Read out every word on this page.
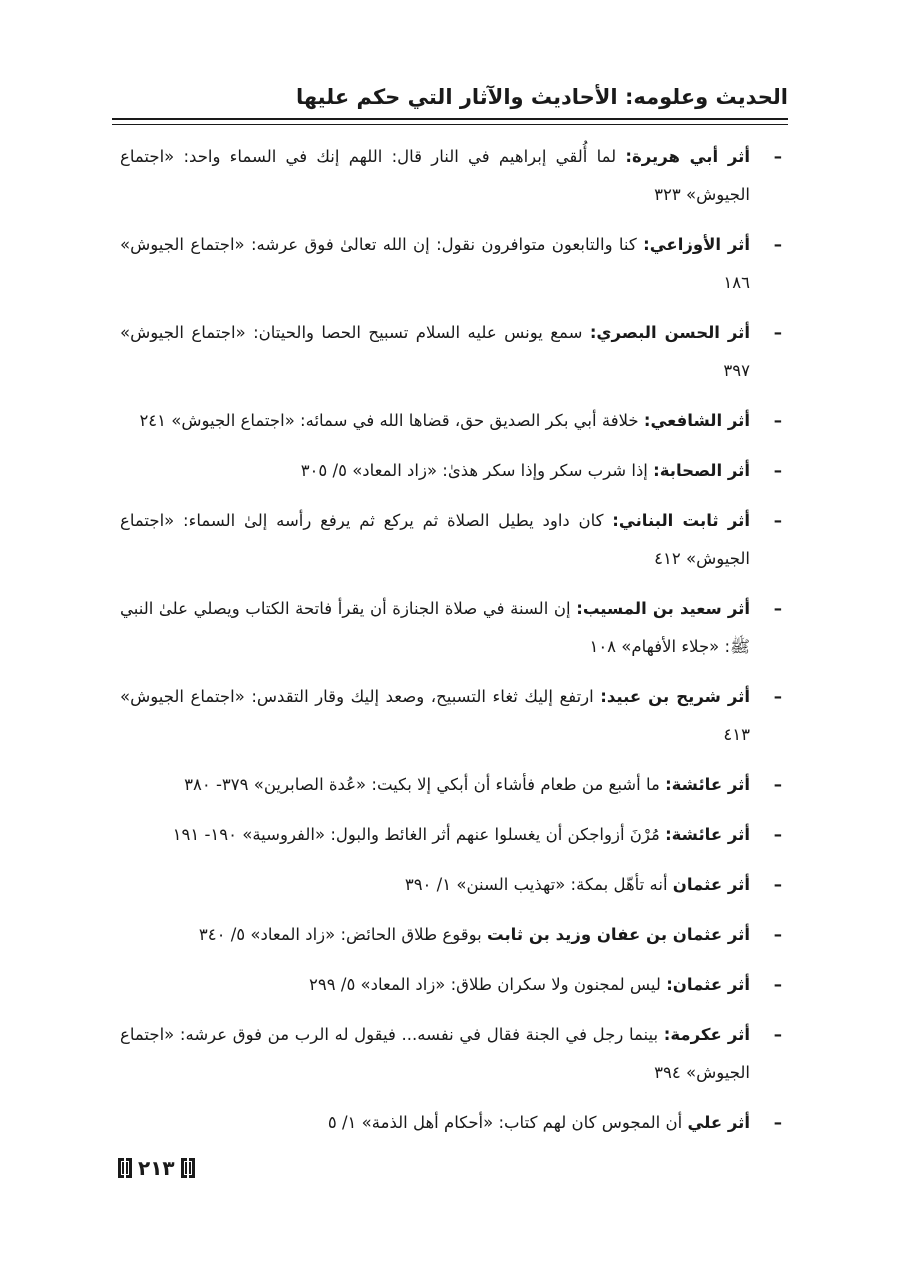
الحديث وعلومه: الأحاديث والآثار التي حكم عليها
–
أثر أبي هريرة: لما أُلقي إبراهيم في النار قال: اللهم إنك في السماء واحد: «اجتماع الجيوش» ٣٢٣
–
أثر الأوزاعي: كنا والتابعون متوافرون نقول: إن الله تعالىٰ فوق عرشه: «اجتماع الجيوش» ١٨٦
–
أثر الحسن البصري: سمع يونس عليه السلام تسبيح الحصا والحيتان: «اجتماع الجيوش» ٣٩٧
–
أثر الشافعي: خلافة أبي بكر الصديق حق، قضاها الله في سمائه: «اجتماع الجيوش» ٢٤١
–
أثر الصحابة: إذا شرب سكر وإذا سكر هذىٰ: «زاد المعاد» ٥/ ٣٠٥
–
أثر ثابت البناني: كان داود يطيل الصلاة ثم يركع ثم يرفع رأسه إلىٰ السماء: «اجتماع الجيوش» ٤١٢
–
أثر سعيد بن المسيب: إن السنة في صلاة الجنازة أن يقرأ فاتحة الكتاب ويصلي علىٰ النبي ﷺ: «جلاء الأفهام» ١٠٨
–
أثر شريح بن عبيد: ارتفع إليك ثغاء التسبيح، وصعد إليك وقار التقدس: «اجتماع الجيوش» ٤١٣
–
أثر عائشة: ما أشبع من طعام فأشاء أن أبكي إلا بكيت: «عُدة الصابرين» ٣٧٩- ٣٨٠
–
أثر عائشة: مُرْنَ أزواجكن أن يغسلوا عنهم أثر الغائط والبول: «الفروسية» ١٩٠- ١٩١
–
أثر عثمان أنه تأهّل بمكة: «تهذيب السنن» ١/ ٣٩٠
–
أثر عثمان بن عفان وزيد بن ثابت بوقوع طلاق الحائض: «زاد المعاد» ٥/ ٣٤٠
–
أثر عثمان: ليس لمجنون ولا سكران طلاق: «زاد المعاد» ٥/ ٢٩٩
–
أثر عكرمة: بينما رجل في الجنة فقال في نفسه... فيقول له الرب من فوق عرشه: «اجتماع الجيوش» ٣٩٤
–
أثر علي أن المجوس كان لهم كتاب: «أحكام أهل الذمة» ١/ ٥
٢١٣
